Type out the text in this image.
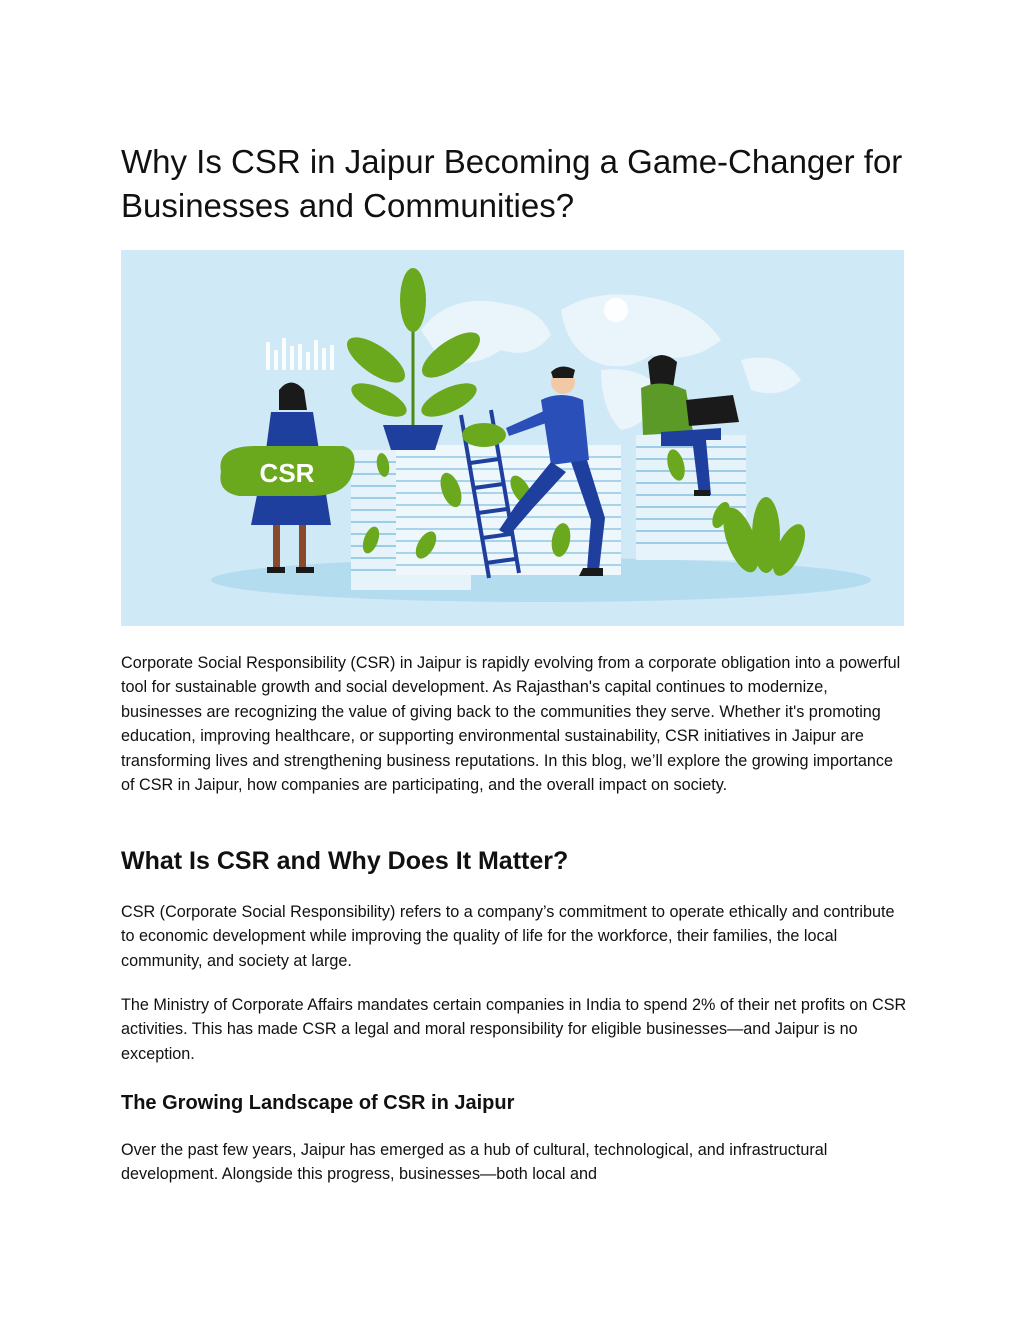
Why Is CSR in Jaipur Becoming a Game-Changer for Businesses and Communities?
CSR

Corporate Social Responsibility (CSR) in Jaipur is rapidly evolving from a corporate obligation into a powerful tool for sustainable growth and social development. As Rajasthan's capital continues to modernize, businesses are recognizing the value of giving back to the communities they serve. Whether it's promoting education, improving healthcare, or supporting environmental sustainability, CSR initiatives in Jaipur are transforming lives and strengthening business reputations. In this blog, we’ll explore the growing importance of CSR in Jaipur, how companies are participating, and the overall impact on society.

What Is CSR and Why Does It Matter?

CSR (Corporate Social Responsibility) refers to a company’s commitment to operate ethically and contribute to economic development while improving the quality of life for the workforce, their families, the local community, and society at large.

The Ministry of Corporate Affairs mandates certain companies in India to spend 2% of their net profits on CSR activities. This has made CSR a legal and moral responsibility for eligible businesses—and Jaipur is no exception.

The Growing Landscape of CSR in Jaipur

Over the past few years, Jaipur has emerged as a hub of cultural, technological, and infrastructural development. Alongside this progress, businesses—both local and
